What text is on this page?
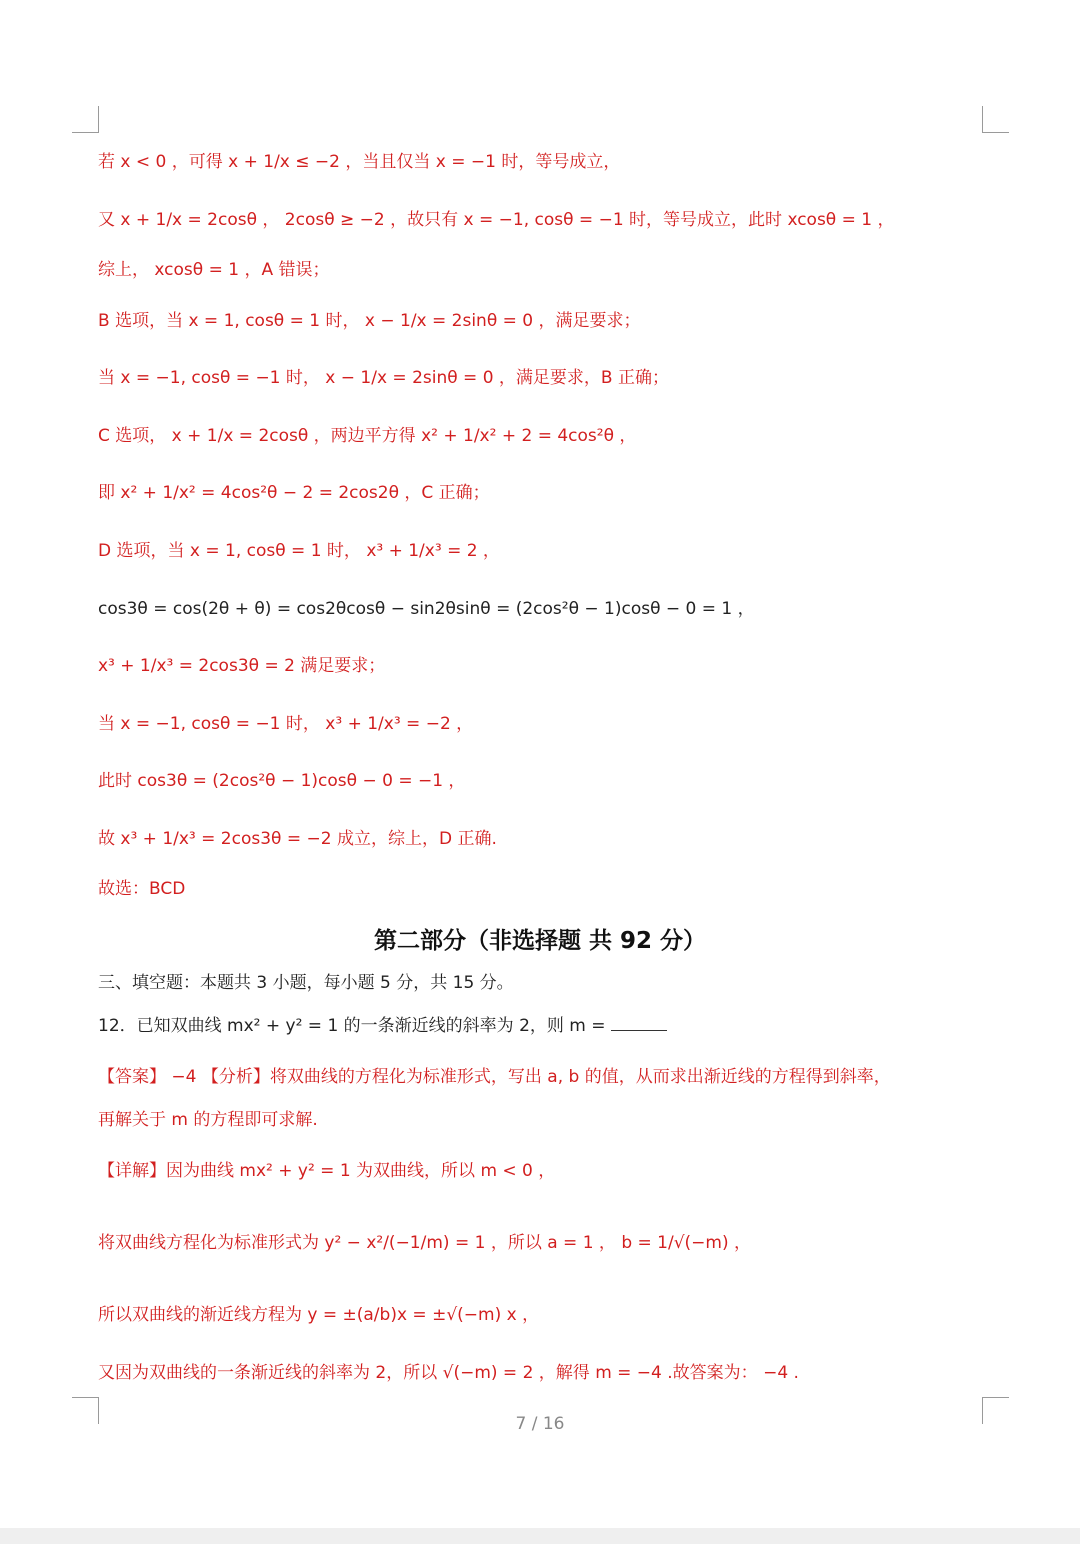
若 x < 0 ，可得 x + 1/x ≤ −2 ，当且仅当 x = −1 时，等号成立，
又 x + 1/x = 2cosθ ， 2cosθ ≥ −2 ，故只有 x = −1, cosθ = −1 时，等号成立，此时 xcosθ = 1 ，
综上， xcosθ = 1 ，A 错误；
B 选项，当 x = 1, cosθ = 1 时， x − 1/x = 2sinθ = 0 ，满足要求；
当 x = −1, cosθ = −1 时， x − 1/x = 2sinθ = 0 ，满足要求，B 正确；
C 选项， x + 1/x = 2cosθ ，两边平方得 x² + 1/x² + 2 = 4cos²θ ，
即 x² + 1/x² = 4cos²θ − 2 = 2cos2θ ，C 正确；
D 选项，当 x = 1, cosθ = 1 时， x³ + 1/x³ = 2 ，
cos3θ = cos(2θ + θ) = cos2θcosθ − sin2θsinθ = (2cos²θ − 1)cosθ − 0 = 1 ，
x³ + 1/x³ = 2cos3θ = 2 满足要求；
当 x = −1, cosθ = −1 时， x³ + 1/x³ = −2 ，
此时 cos3θ = (2cos²θ − 1)cosθ − 0 = −1 ，
故 x³ + 1/x³ = 2cos3θ = −2 成立，综上，D 正确.
故选：BCD
第二部分（非选择题 共 92 分）
三、填空题：本题共 3 小题，每小题 5 分，共 15 分。
12．已知双曲线 mx² + y² = 1 的一条渐近线的斜率为 2，则 m =
【答案】 −4 【分析】将双曲线的方程化为标准形式，写出 a, b 的值，从而求出渐近线的方程得到斜率，
再解关于 m 的方程即可求解.
【详解】因为曲线 mx² + y² = 1 为双曲线，所以 m < 0 ，
将双曲线方程化为标准形式为 y² − x²/(−1/m) = 1 ，所以 a = 1 ， b = 1/√(−m) ，
所以双曲线的渐近线方程为 y = ±(a/b)x = ±√(−m) x ，
又因为双曲线的一条渐近线的斜率为 2，所以 √(−m) = 2 ，解得 m = −4 .故答案为： −4 .
7 / 16
